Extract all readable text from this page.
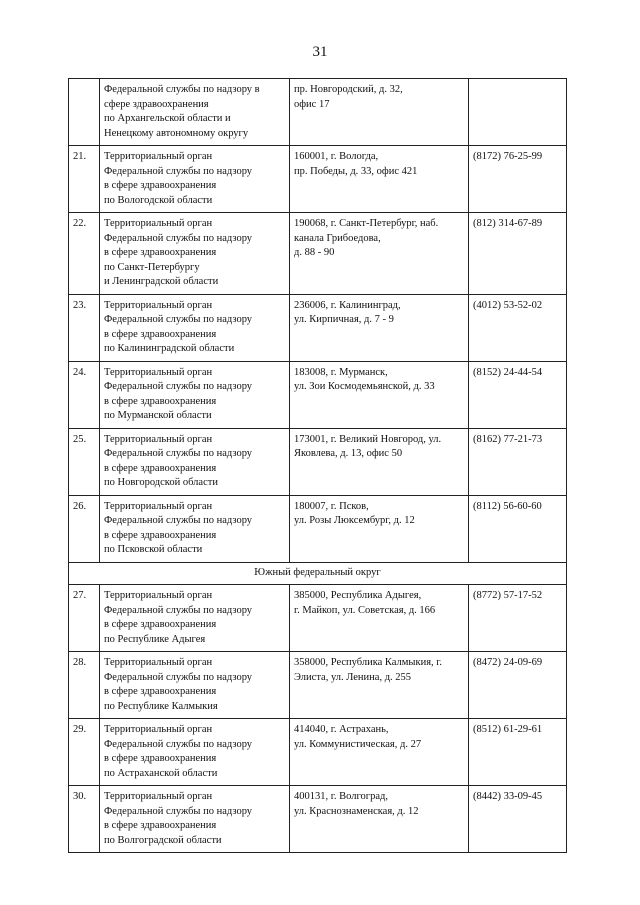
31

	Федеральной службы по надзору в
сфере здравоохранения
по Архангельской области и
Ненецкому автономному округу	пр. Новгородский, д. 32,
офис 17	

21.	Территориальный орган
Федеральной службы по надзору
в сфере здравоохранения
по Вологодской области	160001, г. Вологда,
пр. Победы, д. 33, офис 421	(8172) 76-25-99
22.	Территориальный орган
Федеральной службы по надзору
в сфере здравоохранения
по Санкт-Петербургу
и Ленинградской области	190068, г. Санкт-Петербург, наб.
канала Грибоедова,
д. 88 - 90	(812) 314-67-89
23.	Территориальный орган
Федеральной службы по надзору
в сфере здравоохранения
по Калининградской области	236006, г. Калининград,
ул. Кирпичная, д. 7 - 9	(4012) 53-52-02
24.	Территориальный орган
Федеральной службы по надзору
в сфере здравоохранения
по Мурманской области	183008, г. Мурманск,
ул. Зои Космодемьянской, д. 33	(8152) 24-44-54
25.	Территориальный орган
Федеральной службы по надзору
в сфере здравоохранения
по Новгородской области	173001, г. Великий Новгород, ул.
Яковлева, д. 13, офис 50	(8162) 77-21-73
26.	Территориальный орган
Федеральной службы по надзору
в сфере здравоохранения
по Псковской области	180007, г. Псков,
ул. Розы Люксембург, д. 12	(8112) 56-60-60
Южный федеральный округ			
27.	Территориальный орган
Федеральной службы по надзору
в сфере здравоохранения
по Республике Адыгея	385000, Республика Адыгея,
г. Майкоп, ул. Советская, д. 166	(8772) 57-17-52
28.	Территориальный орган
Федеральной службы по надзору
в сфере здравоохранения
по Республике Калмыкия	358000, Республика Калмыкия, г.
Элиста, ул. Ленина, д. 255	(8472) 24-09-69
29.	Территориальный орган
Федеральной службы по надзору
в сфере здравоохранения
по Астраханской области	414040, г. Астрахань,
ул. Коммунистическая, д. 27	(8512) 61-29-61
30.	Территориальный орган
Федеральной службы по надзору
в сфере здравоохранения
по Волгоградской области	400131, г. Волгоград,
ул. Краснознаменская, д. 12	(8442) 33-09-45
